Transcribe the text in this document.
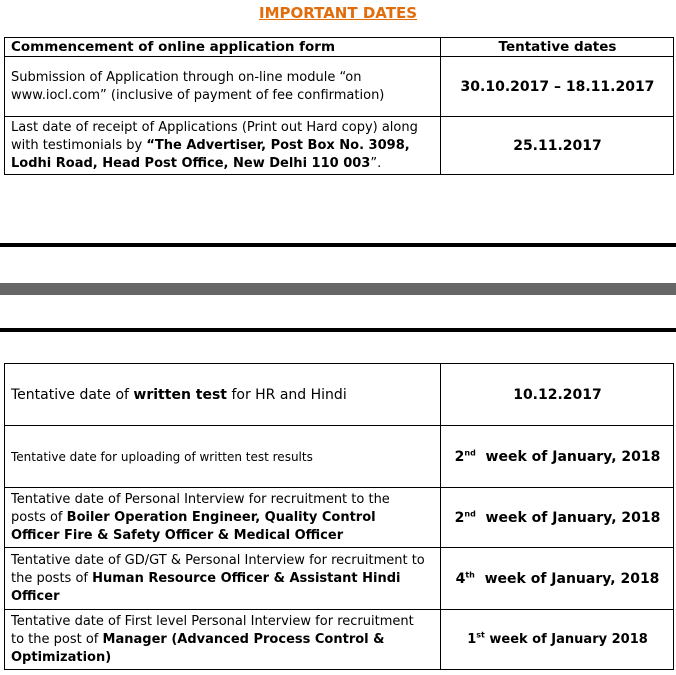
IMPORTANT DATES
Commencement of online application form	Tentative dates
Submission of Application through on-line module “on
www.iocl.com” (inclusive of payment of fee confirmation)	30.10.2017 – 18.11.2017
Last date of receipt of Applications (Print out Hard copy) along
with testimonials by “The Advertiser, Post Box No. 3098,
Lodhi Road, Head Post Office, New Delhi 110 003”.	25.11.2017
Tentative date of written test for HR and Hindi	10.12.2017
Tentative date for uploading of written test results	2nd  week of January, 2018
Tentative date of Personal Interview for recruitment to the
posts of Boiler Operation Engineer, Quality Control
Officer Fire & Safety Officer & Medical Officer	2nd  week of January, 2018
Tentative date of GD/GT & Personal Interview for recruitment to
the posts of Human Resource Officer & Assistant Hindi
Officer	4th  week of January, 2018
Tentative date of First level Personal Interview for recruitment
to the post of Manager (Advanced Process Control &
Optimization)	1st week of January 2018
